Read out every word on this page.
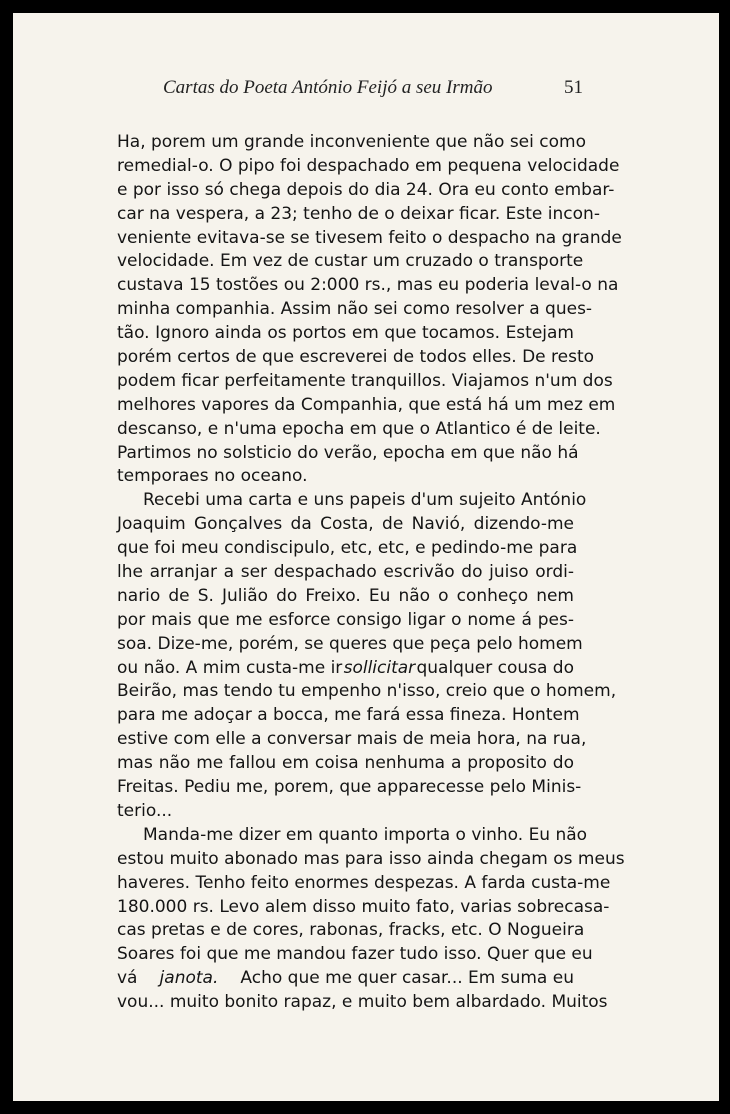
Cartas do Poeta António Feijó a seu Irmão	51
Ha, porem um grande inconveniente que não sei como
remedial-o. O pipo foi despachado em pequena velocidade
e por isso só chega depois do dia 24. Ora eu conto embar-
car na vespera, a 23; tenho de o deixar ficar. Este incon-
veniente evitava-se se tivesem feito o despacho na grande
velocidade. Em vez de custar um cruzado o transporte
custava 15 tostões ou 2:000 rs., mas eu poderia leval-o na
minha companhia. Assim não sei como resolver a ques-
tão. Ignoro ainda os portos em que tocamos. Estejam
porém certos de que escreverei de todos elles. De resto
podem ficar perfeitamente tranquillos. Viajamos n'um dos
melhores vapores da Companhia, que está há um mez em
descanso, e n'uma epocha em que o Atlantico é de leite.
Partimos no solsticio do verão, epocha em que não há
temporaes no oceano.
Recebi uma carta e uns papeis d'um sujeito António
Joaquim Gonçalves da Costa, de Navió, dizendo-me
que foi meu condiscipulo, etc, etc, e pedindo-me para
lhe arranjar a ser despachado escrivão do juiso ordi-
nario de S. Julião do Freixo. Eu não o conheço nem
por mais que me esforce consigo ligar o nome á pes-
soa. Dize-me, porém, se queres que peça pelo homem
ou não. A mim custa-me ir sollicitar qualquer cousa do
Beirão, mas tendo tu empenho n'isso, creio que o homem,
para me adoçar a bocca, me fará essa fineza. Hontem
estive com elle a conversar mais de meia hora, na rua,
mas não me fallou em coisa nenhuma a proposito do
Freitas. Pediu me, porem, que apparecesse pelo Minis-
terio...
Manda-me dizer em quanto importa o vinho. Eu não
estou muito abonado mas para isso ainda chegam os meus
haveres. Tenho feito enormes despezas. A farda custa-me
180.000 rs. Levo alem disso muito fato, varias sobrecasa-
cas pretas e de cores, rabonas, fracks, etc. O Nogueira
Soares foi que me mandou fazer tudo isso. Quer que eu
vá janota. Acho que me quer casar... Em suma eu
vou... muito bonito rapaz, e muito bem albardado. Muitos
